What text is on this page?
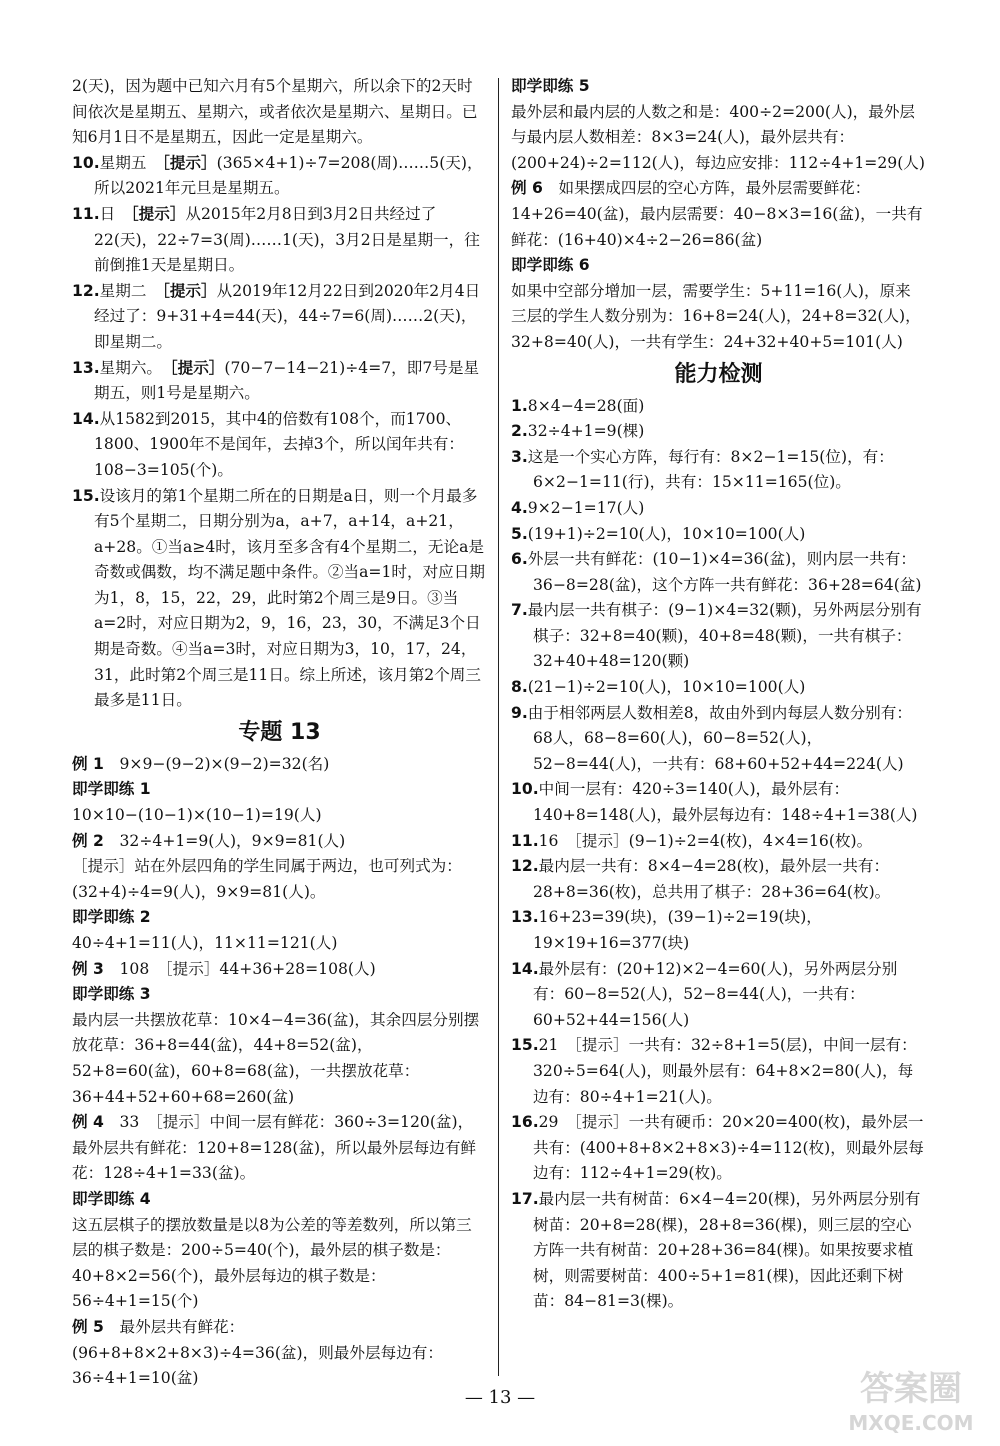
2(天)，因为题中已知六月有5个星期六，所以余下的2天时间依次是星期五、星期六，或者依次是星期六、星期日。已知6月1日不是星期五，因此一定是星期六。
10.星期五　 ［提示］(365×4+1)÷7=208(周)……5(天)，所以2021年元旦是星期五。
11.日　 ［提示］从2015年2月8日到3月2日共经过了22(天)，22÷7=3(周)……1(天)，3月2日是星期一，往前倒推1天是星期日。
12.星期二　 ［提示］从2019年12月22日到2020年2月4日经过了：9+31+4=44(天)，44÷7=6(周)……2(天)，即星期二。
13.星期六。　 ［提示］(70−7−14−21)÷4=7，即7号是星期五，则1号是星期六。
14.从1582到2015，其中4的倍数有108个，而1700、1800、1900年不是闰年，去掉3个，所以闰年共有：108−3=105(个)。
15.设该月的第1个星期二所在的日期是a日，则一个月最多有5个星期二，日期分别为a，a+7，a+14，a+21，a+28。①当a≥4时，该月至多含有4个星期二，无论a是奇数或偶数，均不满足题中条件。②当a=1时，对应日期为1，8，15，22，29，此时第2个周三是9日。③当a=2时，对应日期为2，9，16，23，30，不满足3个日期是奇数。④当a=3时，对应日期为3，10，17，24，31，此时第2个周三是11日。综上所述，该月第2个周三最多是11日。
专题 13
例 1　 9×9−(9−2)×(9−2)=32(名)
即学即练 1
10×10−(10−1)×(10−1)=19(人)
例 2　 32÷4+1=9(人)，9×9=81(人)
［提示］站在外层四角的学生同属于两边，也可列式为：(32+4)÷4=9(人)，9×9=81(人)。
即学即练 2
40÷4+1=11(人)，11×11=121(人)
例 3　 108　［提示］44+36+28=108(人)
即学即练 3
最内层一共摆放花草：10×4−4=36(盆)，其余四层分别摆放花草：36+8=44(盆)，44+8=52(盆)，52+8=60(盆)，60+8=68(盆)，一共摆放花草：36+44+52+60+68=260(盆)
例 4　 33　［提示］中间一层有鲜花：360÷3=120(盆)，最外层共有鲜花：120+8=128(盆)，所以最外层每边有鲜花：128÷4+1=33(盆)。
即学即练 4
这五层棋子的摆放数量是以8为公差的等差数列，所以第三层的棋子数是：200÷5=40(个)，最外层的棋子数是：40+8×2=56(个)，最外层每边的棋子数是：56÷4+1=15(个)
例 5　 最外层共有鲜花：(96+8+8×2+8×3)÷4=36(盆)，则最外层每边有：36÷4+1=10(盆)
即学即练 5
最外层和最内层的人数之和是：400÷2=200(人)，最外层与最内层人数相差：8×3=24(人)，最外层共有：(200+24)÷2=112(人)，每边应安排：112÷4+1=29(人)
例 6　 如果摆成四层的空心方阵，最外层需要鲜花：14+26=40(盆)，最内层需要：40−8×3=16(盆)，一共有鲜花：(16+40)×4÷2−26=86(盆)
即学即练 6
如果中空部分增加一层，需要学生：5+11=16(人)，原来三层的学生人数分别为：16+8=24(人)，24+8=32(人)，32+8=40(人)，一共有学生：24+32+40+5=101(人)
能力检测
1.8×4−4=28(面)
2.32÷4+1=9(棵)
3.这是一个实心方阵，每行有：8×2−1=15(位)，有：6×2−1=11(行)，共有：15×11=165(位)。
4.9×2−1=17(人)
5.(19+1)÷2=10(人)，10×10=100(人)
6.外层一共有鲜花：(10−1)×4=36(盆)，则内层一共有：36−8=28(盆)，这个方阵一共有鲜花：36+28=64(盆)
7.最内层一共有棋子：(9−1)×4=32(颗)，另外两层分别有棋子：32+8=40(颗)，40+8=48(颗)，一共有棋子：32+40+48=120(颗)
8.(21−1)÷2=10(人)，10×10=100(人)
9.由于相邻两层人数相差8，故由外到内每层人数分别有：68人，68−8=60(人)，60−8=52(人)，52−8=44(人)，一共有：68+60+52+44=224(人)
10.中间一层有：420÷3=140(人)，最外层有：140+8=148(人)，最外层每边有：148÷4+1=38(人)
11.16　［提示］(9−1)÷2=4(枚)，4×4=16(枚)。
12.最内层一共有：8×4−4=28(枚)，最外层一共有：28+8=36(枚)，总共用了棋子：28+36=64(枚)。
13.16+23=39(块)，(39−1)÷2=19(块)，19×19+16=377(块)
14.最外层有：(20+12)×2−4=60(人)，另外两层分别有：60−8=52(人)，52−8=44(人)，一共有：60+52+44=156(人)
15.21　［提示］一共有：32÷8+1=5(层)，中间一层有：320÷5=64(人)，则最外层有：64+8×2=80(人)，每边有：80÷4+1=21(人)。
16.29　［提示］一共有硬币：20×20=400(枚)，最外层一共有：(400+8+8×2+8×3)÷4=112(枚)，则最外层每边有：112÷4+1=29(枚)。
17.最内层一共有树苗：6×4−4=20(棵)，另外两层分别有树苗：20+8=28(棵)，28+8=36(棵)，则三层的空心方阵一共有树苗：20+28+36=84(棵)。如果按要求植树，则需要树苗：400÷5+1=81(棵)，因此还剩下树苗：84−81=3(棵)。
— 13 —	答案圈
MXQE.COM
